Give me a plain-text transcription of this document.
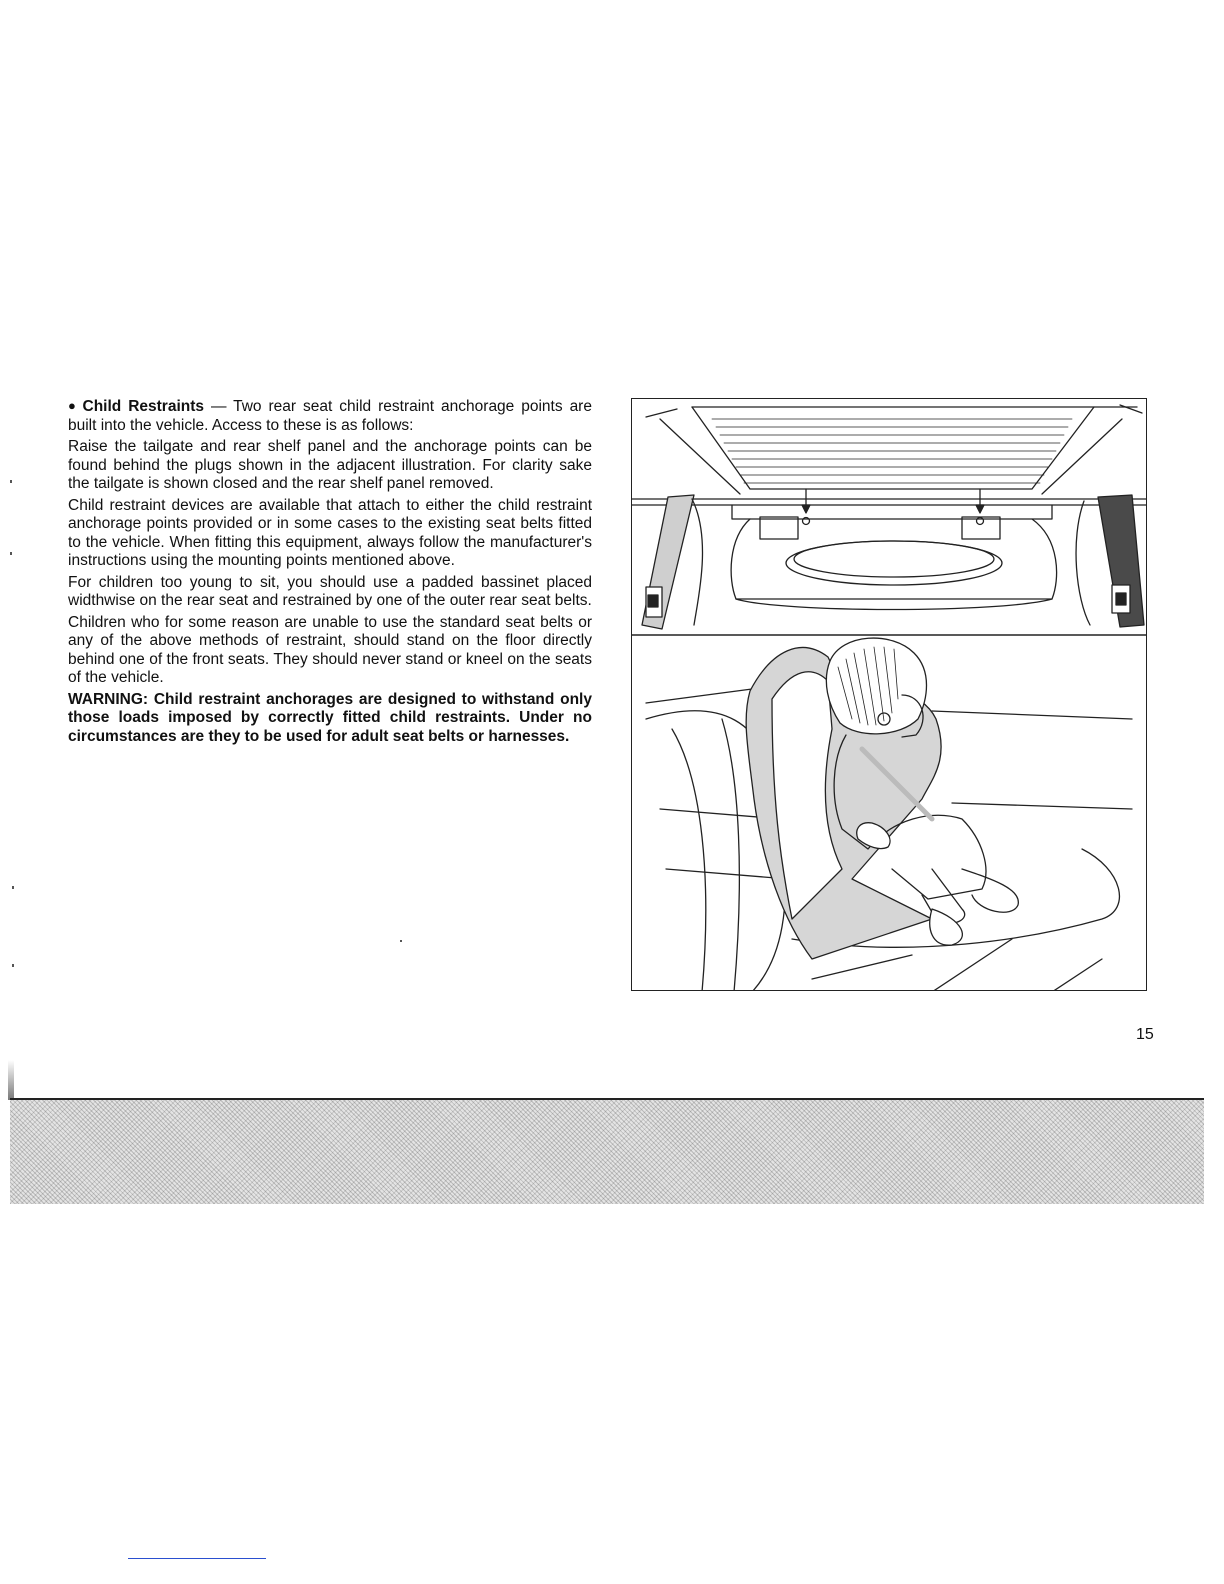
● Child Restraints — Two rear seat child restraint anchorage points are built into the vehicle. Access to these is as follows:

Raise the tailgate and rear shelf panel and the anchorage points can be found behind the plugs shown in the adjacent illustration. For clarity sake the tailgate is shown closed and the rear shelf panel removed.

Child restraint devices are available that attach to either the child restraint anchorage points provided or in some cases to the existing seat belts fitted to the vehicle. When fitting this equipment, always follow the manufacturer's instructions using the mounting points mentioned above.

For children too young to sit, you should use a padded bassinet placed widthwise on the rear seat and restrained by one of the outer rear seat belts.

Children who for some reason are unable to use the standard seat belts or any of the above methods of restraint, should stand on the floor directly behind one of the front seats. They should never stand or kneel on the seats of the vehicle.

WARNING: Child restraint anchorages are designed to withstand only those loads imposed by correctly fitted child restraints. Under no circumstances are they to be used for adult seat belts or harnesses.
15
